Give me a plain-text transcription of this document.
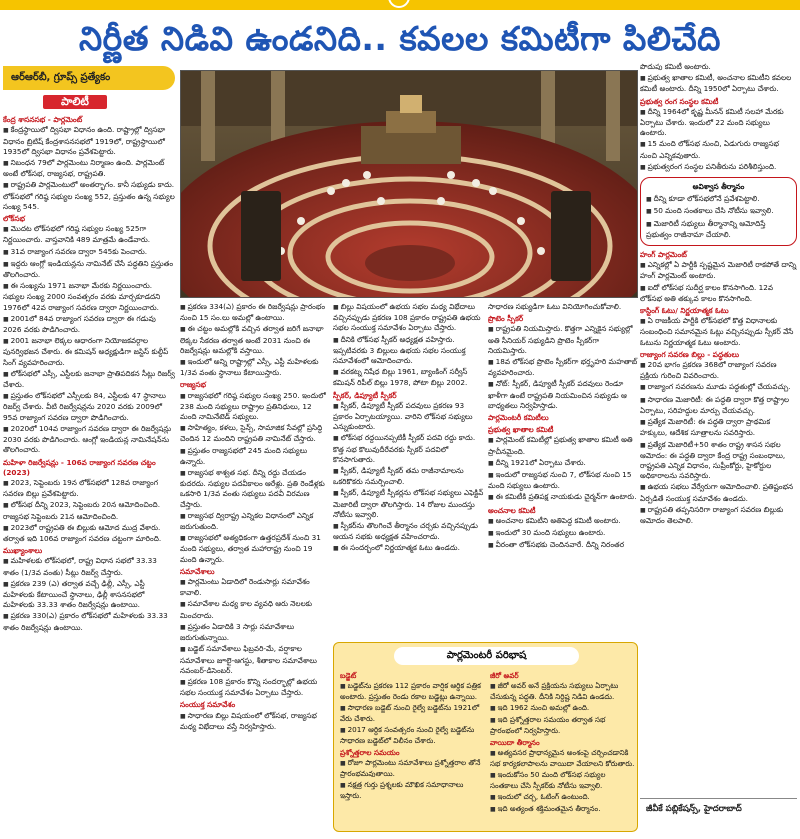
నిర్ణీత నిడివి ఉండనిది.. కవలల కమిటీగా పిలిచేది
ఆర్‌ఆర్‌బీ, గ్రూప్స్ ప్రత్యేకం
పాలిటీ
కేంద్ర శాసనసభ - పార్లమెంట్
■ కేంద్రస్థాయిలో ద్విసభా విధానం ఉంది. రాష్ట్రాల్లో ద్విసభా విధానం బ్రిటిష్ కేంద్రశాసనసభలో 1919లో, రాష్ట్రస్థాయిలో 1935లో ద్విసభా విధానం ప్రవేశపెట్టారు.
■ నిబంధన 79లో పార్లమెంటు నిర్మాణం ఉంది. పార్లమెంట్ అంటే లోక్‌సభ, రాజ్యసభ, రాష్ట్రపతి.
■ రాష్ట్రపతి పార్లమెంటులో అంతర్భాగం. కానీ సభ్యుడు కాదు. లోక్‌సభలో గరిష్ఠ సభ్యుల సంఖ్య 552, ప్రస్తుతం ఉన్న సభ్యుల సంఖ్య 545.
లోక్‌సభ
■ మొదట లోక్‌సభలో గరిష్ఠ సభ్యుల సంఖ్య 525గా నిర్ణయించారు. వాస్తవానికి 489 మాత్రమే ఉండేవారు.
■ 31వ రాజ్యాంగ సవరణ ద్వారా 545కు పెంచారు.
■ ఇద్దరు ఆంగ్లో ఇండియన్లను నామినేట్ చేసే పద్ధతిని ప్రస్తుతం తొలగించారు.
■ ఈ సంఖ్యను 1971 జనాభా మేరకు నిర్ణయించారు. సభ్యుల సంఖ్య 2000 సంవత్సరం వరకు మార్చకూడదని 1976లో 42వ రాజ్యాంగ సవరణ ద్వారా నిర్ణయించారు.
■ 2001లో 84వ రాజ్యాంగ సవరణ ద్వారా ఈ గడువు 2026 వరకు పొడిగించారు.
■ 2001 జనాభా లెక్కల ఆధారంగా నియోజకవర్గాల పునర్విభజన చేశారు. ఈ కమిషన్ అధ్యక్షుడిగా జస్టిస్ కుల్దీప్ సింగ్ వ్యవహరించారు.
■ లోక్‌సభలో ఎస్సీ, ఎస్టీలకు జనాభా ప్రాతిపదికన సీట్లు రిజర్వ్ చేశారు.
■ ప్రస్తుతం లోక్‌సభలో ఎస్సీలకు 84, ఎస్టీలకు 47 స్థానాలు రిజర్వ్ చేశారు. వీటి రిజర్వేషన్లను 2020 వరకు 2009లో 95వ రాజ్యాంగ సవరణ ద్వారా పొడిగించారు.
■ 2020లో 104వ రాజ్యాంగ సవరణ ద్వారా ఈ రిజర్వేషన్లు 2030 వరకు పొడిగించారు. ఆంగ్లో ఇండియన్ల నామినేషన్‌ను తొలగించారు.
మహిళా రిజర్వేషన్లు - 106వ రాజ్యాంగ సవరణ చట్టం (2023)
■ 2023, సెప్టెంబరు 19న లోక్‌సభలో 128వ రాజ్యాంగ సవరణ బిల్లు ప్రవేశపెట్టారు.
■ లోక్‌సభ దీన్ని 2023, సెప్టెంబరు 20న ఆమోదించింది. రాజ్యసభ సెప్టెంబరు 21న ఆమోదించింది.
■ 2023లో రాష్ట్రపతి ఈ బిల్లుకు ఆమోద ముద్ర వేశారు. తర్వాత ఇది 106వ రాజ్యాంగ సవరణ చట్టంగా మారింది.
ముఖ్యాంశాలు
■ మహిళలకు లోక్‌సభలో, రాష్ట్ర విధాన సభలో 33.33 శాతం (1/3వ వంతు) సీట్లు రిజర్వ్ చేస్తారు.
■ ప్రకరణ 239 (ఎ) తర్వాత వచ్చే ఢిల్లీ, ఎస్సీ, ఎస్టీ మహిళలకు కేటాయించే స్థానాలు, ఢిల్లీ శాసనసభలో మహిళలకు 33.33 శాతం రిజర్వేషన్లు ఉంటాయి.
■ ప్రకరణ 330(ఎ) ప్రకారం లోక్‌సభలో మహిళలకు 33.33 శాతం రిజర్వేషన్లు ఉంటాయి.
■ ప్రకరణ 334(ఎ) ప్రకారం ఈ రిజర్వేషన్లు ప్రారంభం నుంచి 15 సం.లు అమల్లో ఉంటాయి.
■ ఈ చట్టం అమల్లోకి వచ్చిన తర్వాత జరిగే జనాభా లెక్కల సేకరణ తర్వాత అంటే 2031 నుంచి ఈ రిజర్వేషన్లు అమల్లోకి వస్తాయి.
■ ఇందులో అన్ని రాష్ట్రాల్లో ఎస్సీ, ఎస్టీ మహిళలకు 1/3వ వంతు స్థానాలు కేటాయిస్తారు.
రాజ్యసభ
■ రాజ్యసభలో గరిష్ఠ సభ్యుల సంఖ్య 250. ఇందులో 238 మంది సభ్యులు రాష్ట్రాల ప్రతినిధులు, 12 మంది నామినేటెడ్ సభ్యులు.
■ సాహిత్యం, కళలు, సైన్స్, సామాజిక సేవల్లో ప్రసిద్ధి చెందిన 12 మందిని రాష్ట్రపతి నామినేట్ చేస్తారు.
■ ప్రస్తుతం రాజ్యసభలో 245 మంది సభ్యులు ఉన్నారు.
■ రాజ్యసభ శాశ్వత సభ. దీన్ని రద్దు చేయడం కుదరదు. సభ్యుల పదవీకాలం ఆరేళ్లు. ప్రతి రెండేళ్లకు ఒకసారి 1/3వ వంతు సభ్యులు పదవీ విరమణ చేస్తారు.
■ రాజ్యసభ ద్విరాష్ట్ర ఎన్నికల విధానంలో ఎన్నిక జరుగుతుంది.
■ రాజ్యసభలో అత్యధికంగా ఉత్తరప్రదేశ్ నుంచి 31 మంది సభ్యులు, తర్వాత మహారాష్ట్ర నుంచి 19 మంది ఉన్నారు.
సమావేశాలు
■ పార్లమెంటు ఏడాదిలో రెండుసార్లు సమావేశం కావాలి.
■ సమావేశాల మధ్య కాల వ్యవధి ఆరు నెలలకు మించరాదు.
■ ప్రస్తుతం ఏడాదికి 3 సార్లు సమావేశాలు జరుగుతున్నాయి.
■ బడ్జెట్ సమావేశాలు ఫిబ్రవరి-మే, వర్షాకాల సమావేశాలు జూలై-ఆగస్టు, శీతాకాల సమావేశాలు నవంబర్-డిసెంబర్.
■ ప్రకరణ 108 ప్రకారం కొన్ని సందర్భాల్లో ఉభయ సభల సంయుక్త సమావేశం ఏర్పాటు చేస్తారు.
సంయుక్త సమావేశం
■ సాధారణ బిల్లు విషయంలో లోక్‌సభ, రాజ్యసభ మధ్య విభేదాలు వస్తే నిర్వహిస్తారు.
■ బిల్లు విషయంలో ఉభయ సభల మధ్య విభేదాలు వచ్చినప్పుడు ప్రకరణ 108 ప్రకారం రాష్ట్రపతి ఉభయ సభల సంయుక్త సమావేశం ఏర్పాటు చేస్తారు.
■ దీనికి లోక్‌సభ స్పీకర్ అధ్యక్షత వహిస్తారు. ఇప్పటివరకు 3 బిల్లులు ఉభయ సభల సంయుక్త సమావేశంలో ఆమోదించారు.
■ వరకట్న నిషేధ బిల్లు 1961, బ్యాంకింగ్ సర్వీస్ కమిషన్ రిపీల్ బిల్లు 1978, పోటా బిల్లు 2002.
స్పీకర్, డిప్యూటీ స్పీకర్
■ స్పీకర్, డిప్యూటీ స్పీకర్ పదవులు ప్రకరణ 93 ప్రకారం ఏర్పాటయ్యాయి. వారిని లోక్‌సభ సభ్యులు ఎన్నుకుంటారు.
■ లోక్‌సభ రద్దయినప్పటికీ స్పీకర్ పదవి రద్దు కాదు. కొత్త సభ కొలువుదీరేవరకు స్పీకర్ పదవిలో కొనసాగుతారు.
■ స్పీకర్, డిప్యూటీ స్పీకర్ తమ రాజీనామాలను ఒకరికొకరు సమర్పించాలి.
■ స్పీకర్, డిప్యూటీ స్పీకర్లను లోక్‌సభ సభ్యులు ఎఫెక్టివ్ మెజారిటీ ద్వారా తొలగిస్తారు. 14 రోజుల ముందస్తు నోటీసు ఇవ్వాలి.
■ స్పీకర్‌ను తొలగించే తీర్మానం చర్చకు వచ్చినప్పుడు ఆయన సభకు అధ్యక్షత వహించరాదు.
■ ఈ సందర్భంలో నిర్ణయాత్మక ఓటు ఉండదు.
సాధారణ సభ్యుడిగా ఓటు వినియోగించుకోవాలి.
ప్రొటెం స్పీకర్
■ రాష్ట్రపతి నియమిస్తారు. కొత్తగా ఎన్నికైన సభ్యుల్లో అతి సీనియర్ సభ్యుడిని ప్రొటెం స్పీకర్‌గా నియమిస్తారు.
■ 18వ లోక్‌సభ ప్రొటెం స్పీకర్‌గా భర్తృహరి మహతాబ్ వ్యవహరించారు.
■ నోట్: స్పీకర్, డిప్యూటీ స్పీకర్ పదవులు రెండూ ఖాళీగా ఉంటే రాష్ట్రపతి నియమించిన సభ్యుడు ఆ బాధ్యతలు నిర్వహిస్తాడు.
పార్లమెంటరీ కమిటీలు
ప్రభుత్వ ఖాతాల కమిటీ
■ పార్లమెంట్ కమిటీల్లో ప్రభుత్వ ఖాతాల కమిటీ అతి ప్రాచీనమైంది.
■ దీన్ని 1921లో ఏర్పాటు చేశారు.
■ ఇందులో రాజ్యసభ నుంచి 7, లోక్‌సభ నుంచి 15 మంది సభ్యులు ఉంటారు.
■ ఈ కమిటీకి ప్రతిపక్ష నాయకుడు చైర్మన్‌గా ఉంటారు.
అంచనాల కమిటీ
■ అంచనాల కమిటీని అతిపెద్ద కమిటీ అంటారు.
■ ఇందులో 30 మంది సభ్యులు ఉంటారు.
■ వీరంతా లోక్‌సభకు చెందినవారే. దీన్ని నిరంతర
పొదుపు కమిటీ అంటారు.
■ ప్రభుత్వ ఖాతాల కమిటీ, అంచనాల కమిటీని కవలల కమిటీ అంటారు. దీన్ని 1950లో ఏర్పాటు చేశారు.
ప్రభుత్వ రంగ సంస్థల కమిటీ
■ దీన్ని 1964లో కృష్ణ మీనన్ కమిటీ సలహా మేరకు ఏర్పాటు చేశారు. ఇందులో 22 మంది సభ్యులు ఉంటారు.
■ 15 మంది లోక్‌సభ నుంచి, ఏడుగురు రాజ్యసభ నుంచి ఎన్నికవుతారు.
■ ప్రభుత్వరంగ సంస్థల పనితీరును పరిశీలిస్తుంది.
అవిశ్వాస తీర్మానం
■ దీన్ని కూడా లోక్‌సభలోనే ప్రవేశపెట్టాలి.
■ 50 మంది సంతకాలు చేసి నోటీసు ఇవ్వాలి.
■ మెజారిటీ సభ్యులు తీర్మానాన్ని ఆమోదిస్తే ప్రభుత్వం రాజీనామా చేయాలి.
హంగ్ పార్లమెంట్
■ ఎన్నికల్లో ఏ పార్టీకి స్పష్టమైన మెజారిటీ రాకపోతే దాన్ని హంగ్ పార్లమెంట్ అంటారు.
■ ఐదో లోక్‌సభ సుదీర్ఘ కాలం కొనసాగింది. 12వ లోక్‌సభ అతి తక్కువ కాలం కొనసాగింది.
కాస్టింగ్ ఓటు/ నిర్ణయాత్మక ఓటు
■ ఏ రాజకీయ పార్టీకి లోక్‌సభలో కొత్త విధానాలకు సంబంధించి సమానమైన ఓట్లు వచ్చినప్పుడు స్పీకర్ వేసే ఓటును నిర్ణయాత్మక ఓటు అంటారు.
రాజ్యాంగ సవరణ బిల్లు - పద్ధతులు
■ 20వ భాగం ప్రకరణ 368లో రాజ్యాంగ సవరణ ప్రక్రియ గురించి వివరించారు.
■ రాజ్యాంగ సవరణను మూడు పద్ధతుల్లో చేయవచ్చు.
■ సాధారణ మెజారిటీ: ఈ పద్ధతి ద్వారా కొత్త రాష్ట్రాల ఏర్పాటు, సరిహద్దుల మార్పు చేయవచ్చు.
■ ప్రత్యేక మెజారిటీ: ఈ పద్ధతి ద్వారా ప్రాథమిక హక్కులు, ఆదేశిక సూత్రాలను సవరిస్తారు.
■ ప్రత్యేక మెజారిటీ+50 శాతం రాష్ట్ర శాసన సభల ఆమోదం: ఈ పద్ధతి ద్వారా కేంద్ర రాష్ట్ర సంబంధాలు, రాష్ట్రపతి ఎన్నిక విధానం, సుప్రీంకోర్టు, హైకోర్టుల అధికారాలను సవరిస్తారు.
■ ఉభయ సభలు వేర్వేరుగా ఆమోదించాలి. ప్రతిష్టంభన ఏర్పడితే సంయుక్త సమావేశం ఉండదు.
■ రాష్ట్రపతి తప్పనిసరిగా రాజ్యాంగ సవరణ బిల్లుకు ఆమోదం తెలపాలి.
పార్లమెంటరీ పరిభాష
బడ్జెట్
■ బడ్జెట్‌ను ప్రకరణ 112 ప్రకారం వార్షిక ఆర్థిక పత్రిక అంటారు. ప్రస్తుతం రెండు రకాల బడ్జెట్లు ఉన్నాయి.
■ సాధారణ బడ్జెట్ నుంచి రైల్వే బడ్జెట్‌ను 1921లో వేరు చేశారు.
■ 2017 ఆర్థిక సంవత్సరం నుంచి రైల్వే బడ్జెట్‌ను సాధారణ బడ్జెట్‌లో విలీనం చేశారు.
ప్రశ్నోత్తరాల సమయం
■ రోజూ పార్లమెంటు సమావేశాలు ప్రశ్నోత్తరాల తోనే ప్రారంభమవుతాయి.
■ నక్షత్ర గుర్తు ప్రశ్నలకు మౌఖిక సమాధానాలు ఇస్తారు.
జీరో అవర్
■ జీరో అవర్ అనే ప్రక్రియను సభ్యులు ఏర్పాటు చేసుకున్న పద్ధతి. దీనికి నిర్దిష్ట నిడివి ఉండదు.
■ ఇది 1962 నుంచి అమల్లో ఉంది.
■ ఇది ప్రశ్నోత్తరాల సమయం తర్వాత సభ ప్రారంభంలో నిర్వహిస్తారు.
వాయిదా తీర్మానం
■ అత్యవసర ప్రాధాన్యమైన అంశంపై చర్చించడానికి సభ కార్యకలాపాలను వాయిదా వేయాలని కోరుతారు.
■ ఇందుకోసం 50 మంది లోక్‌సభ సభ్యుల సంతకాలు చేసి స్పీకర్‌కు నోటీసు ఇవ్వాలి.
■ ఇందులో చర్చ, ఓటింగ్ ఉంటుంది.
■ ఇది అత్యంత శక్తిమంతమైన తీర్మానం.	జీవీకే పబ్లికేషన్స్, హైదరాబాద్
